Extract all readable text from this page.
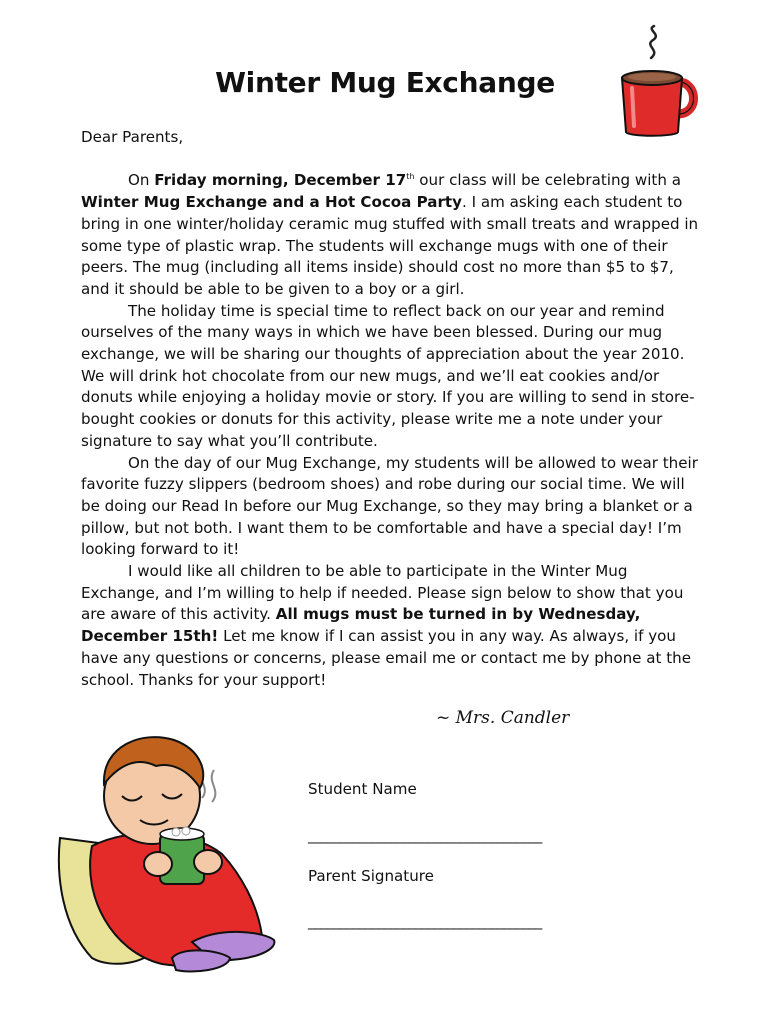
Winter Mug Exchange

Dear Parents,

On Friday morning, December 17th our class will be celebrating with a Winter Mug Exchange and a Hot Cocoa Party. I am asking each student to bring in one winter/holiday ceramic mug stuffed with small treats and wrapped in some type of plastic wrap. The students will exchange mugs with one of their peers. The mug (including all items inside) should cost no more than $5 to $7, and it should be able to be given to a boy or a girl.

The holiday time is special time to reflect back on our year and remind ourselves of the many ways in which we have been blessed. During our mug exchange, we will be sharing our thoughts of appreciation about the year 2010. We will drink hot chocolate from our new mugs, and we’ll eat cookies and/or donuts while enjoying a holiday movie or story. If you are willing to send in store-bought cookies or donuts for this activity, please write me a note under your signature to say what you’ll contribute.

On the day of our Mug Exchange, my students will be allowed to wear their favorite fuzzy slippers (bedroom shoes) and robe during our social time. We will be doing our Read In before our Mug Exchange, so they may bring a blanket or a pillow, but not both. I want them to be comfortable and have a special day! I’m looking forward to it!

I would like all children to be able to participate in the Winter Mug Exchange, and I’m willing to help if needed. Please sign below to show that you are aware of this activity. All mugs must be turned in by Wednesday, December 15th! Let me know if I can assist you in any way. As always, if you have any questions or concerns, please email me or contact me by phone at the school. Thanks for your support!

~ Mrs. Candler
Student Name
_____________________________________
Parent Signature
_____________________________________
